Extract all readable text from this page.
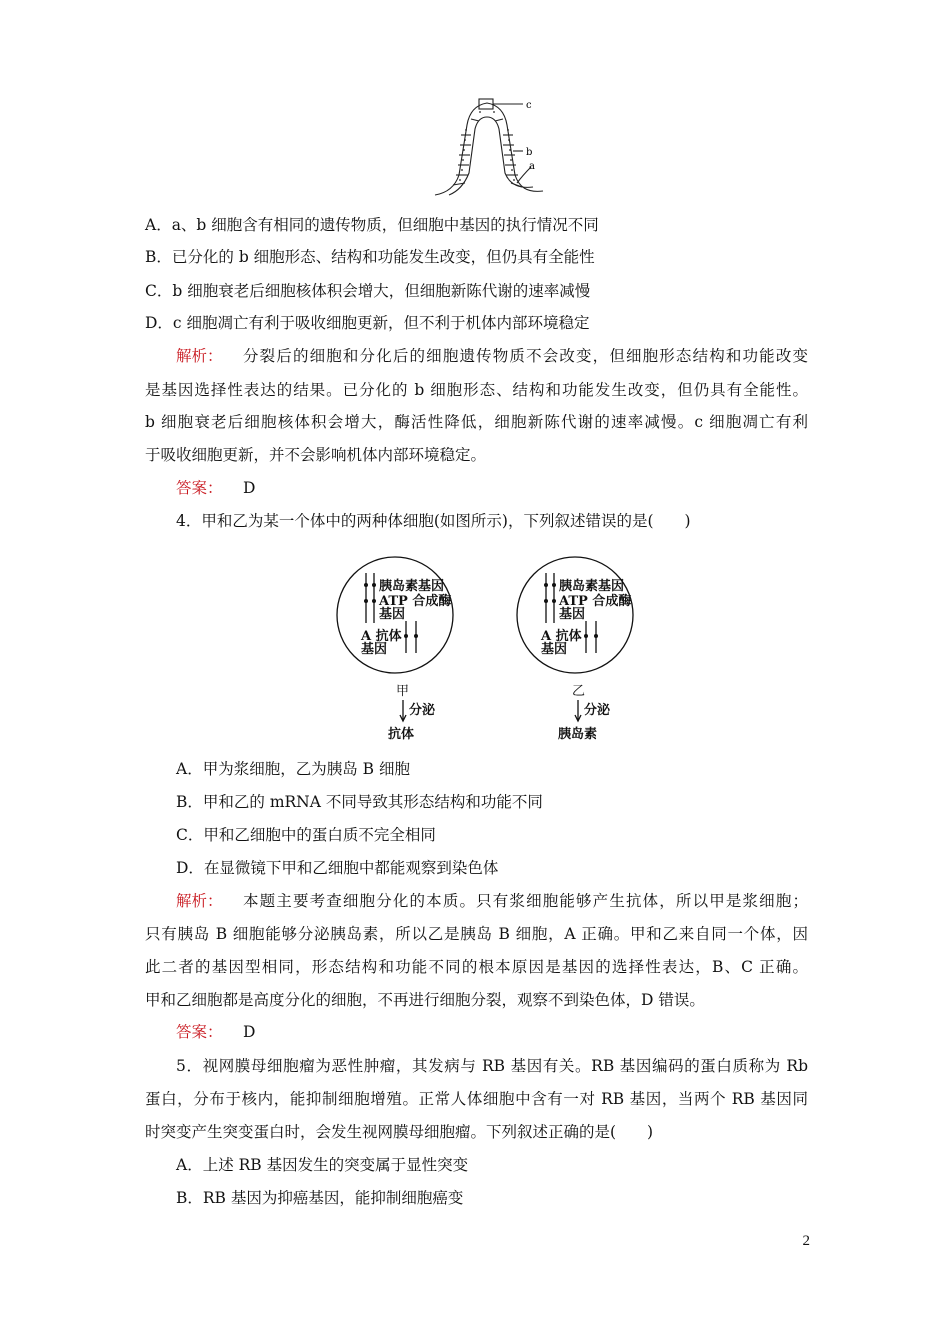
c
b
a
A．a、b 细胞含有相同的遗传物质，但细胞中基因的执行情况不同
B．已分化的 b 细胞形态、结构和功能发生改变，但仍具有全能性
C．b 细胞衰老后细胞核体积会增大，但细胞新陈代谢的速率减慢
D．c 细胞凋亡有利于吸收细胞更新，但不利于机体内部环境稳定
解析： 分裂后的细胞和分化后的细胞遗传物质不会改变，但细胞形态结构和功能改变
是基因选择性表达的结果。已分化的 b 细胞形态、结构和功能发生改变，但仍具有全能性。
b 细胞衰老后细胞核体积会增大，酶活性降低，细胞新陈代谢的速率减慢。c 细胞凋亡有利
于吸收细胞更新，并不会影响机体内部环境稳定。
答案： D
4．甲和乙为某一个体中的两种体细胞(如图所示)，下列叙述错误的是(　　)
胰岛素基因
ATP 合成酶
基因
A 抗体
基因
胰岛素基因
ATP 合成酶
基因
A 抗体
基因
甲	乙
分泌	分泌
抗体	胰岛素
A．甲为浆细胞，乙为胰岛 B 细胞
B．甲和乙的 mRNA 不同导致其形态结构和功能不同
C．甲和乙细胞中的蛋白质不完全相同
D．在显微镜下甲和乙细胞中都能观察到染色体
解析： 本题主要考查细胞分化的本质。只有浆细胞能够产生抗体，所以甲是浆细胞；
只有胰岛 B 细胞能够分泌胰岛素，所以乙是胰岛 B 细胞，A 正确。甲和乙来自同一个体，因
此二者的基因型相同，形态结构和功能不同的根本原因是基因的选择性表达，B、C 正确。
甲和乙细胞都是高度分化的细胞，不再进行细胞分裂，观察不到染色体，D 错误。
答案： D
5．视网膜母细胞瘤为恶性肿瘤，其发病与 RB 基因有关。RB 基因编码的蛋白质称为 Rb
蛋白，分布于核内，能抑制细胞增殖。正常人体细胞中含有一对 RB 基因，当两个 RB 基因同
时突变产生突变蛋白时，会发生视网膜母细胞瘤。下列叙述正确的是(　　)
A．上述 RB 基因发生的突变属于显性突变
B．RB 基因为抑癌基因，能抑制细胞癌变
2
